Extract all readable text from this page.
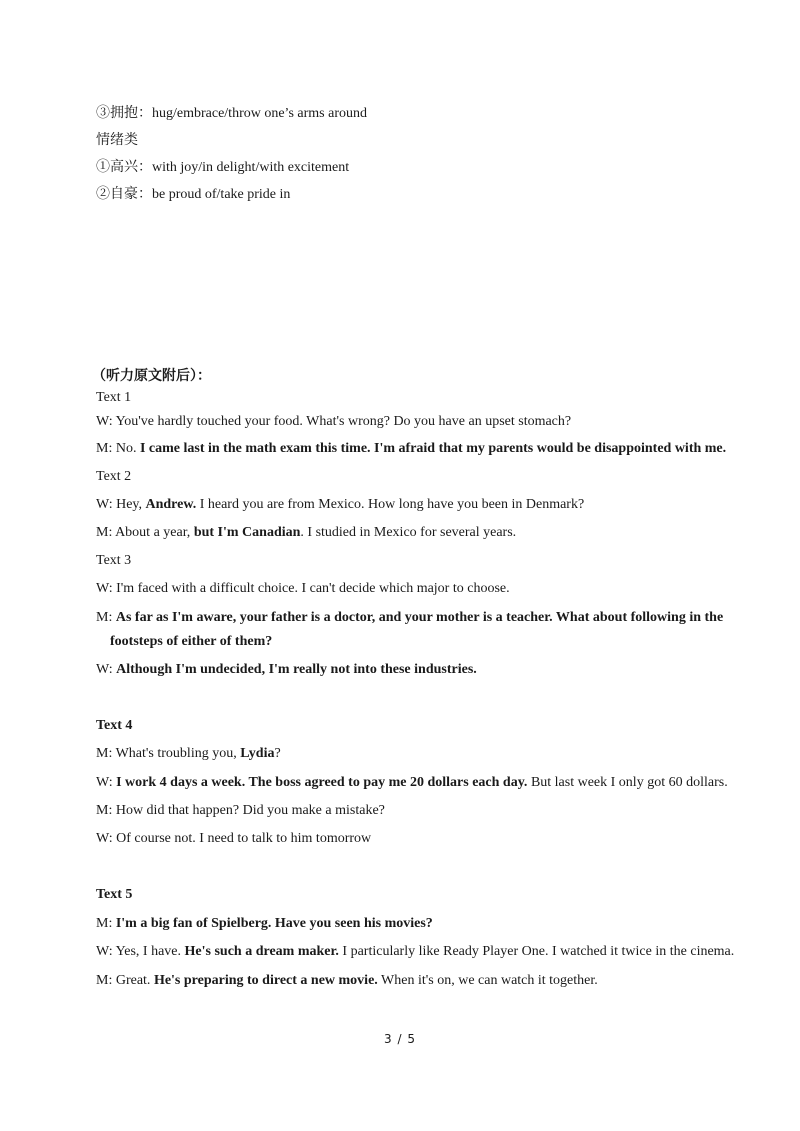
③拥抱：hug/embrace/throw one’s arms around
情绪类
①高兴：with joy/in delight/with excitement
②自豪：be proud of/take pride in
（听力原文附后）：
Text 1
W: You've hardly touched your food. What's wrong? Do you have an upset stomach?
M: No. I came last in the math exam this time. I'm afraid that my parents would be disappointed with me.
Text 2
W: Hey, Andrew. I heard you are from Mexico. How long have you been in Denmark?
M: About a year, but I'm Canadian. I studied in Mexico for several years.
Text 3
W: I'm faced with a difficult choice. I can't decide which major to choose.
M: As far as I'm aware, your father is a doctor, and your mother is a teacher. What about following in the
footsteps of either of them?
W: Although I'm undecided, I'm really not into these industries.
Text 4
M: What's troubling you, Lydia?
W: I work 4 days a week. The boss agreed to pay me 20 dollars each day. But last week I only got 60 dollars.
M: How did that happen? Did you make a mistake?
W: Of course not. I need to talk to him tomorrow
Text 5
M: I'm a big fan of Spielberg. Have you seen his movies?
W: Yes, I have. He's such a dream maker. I particularly like Ready Player One. I watched it twice in the cinema.
M: Great. He's preparing to direct a new movie. When it's on, we can watch it together.
3 / 5
